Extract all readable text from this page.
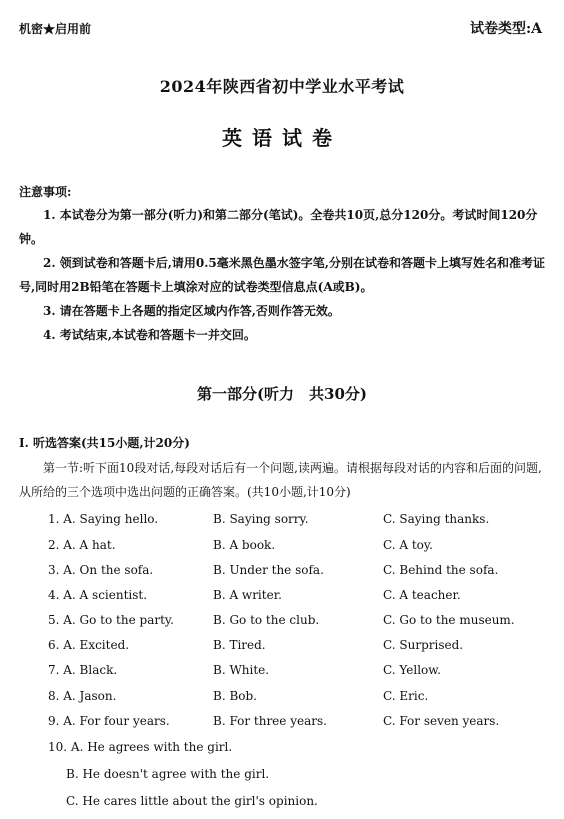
机密★启用前	试卷类型:A
2024年陕西省初中学业水平考试
英语试卷
注意事项:
1. 本试卷分为第一部分(听力)和第二部分(笔试)。全卷共10页,总分120分。考试时间120分钟。
2. 领到试卷和答题卡后,请用0.5毫米黑色墨水签字笔,分别在试卷和答题卡上填写姓名和准考证号,同时用2B铅笔在答题卡上填涂对应的试卷类型信息点(A或B)。
3. 请在答题卡上各题的指定区域内作答,否则作答无效。
4. 考试结束,本试卷和答题卡一并交回。
第一部分(听力　共30分)
Ⅰ. 听选答案(共15小题,计20分)
第一节:听下面10段对话,每段对话后有一个问题,读两遍。请根据每段对话的内容和后面的问题,从所给的三个选项中选出问题的正确答案。(共10小题,计10分)
1. A. Saying hello.	B. Saying sorry.	C. Saying thanks.
2. A. A hat.	B. A book.	C. A toy.
3. A. On the sofa.	B. Under the sofa.	C. Behind the sofa.
4. A. A scientist.	B. A writer.	C. A teacher.
5. A. Go to the party.	B. Go to the club.	C. Go to the museum.
6. A. Excited.	B. Tired.	C. Surprised.
7. A. Black.	B. White.	C. Yellow.
8. A. Jason.	B. Bob.	C. Eric.
9. A. For four years.	B. For three years.	C. For seven years.
10. A. He agrees with the girl.
B. He doesn't agree with the girl.
C. He cares little about the girl's opinion.
